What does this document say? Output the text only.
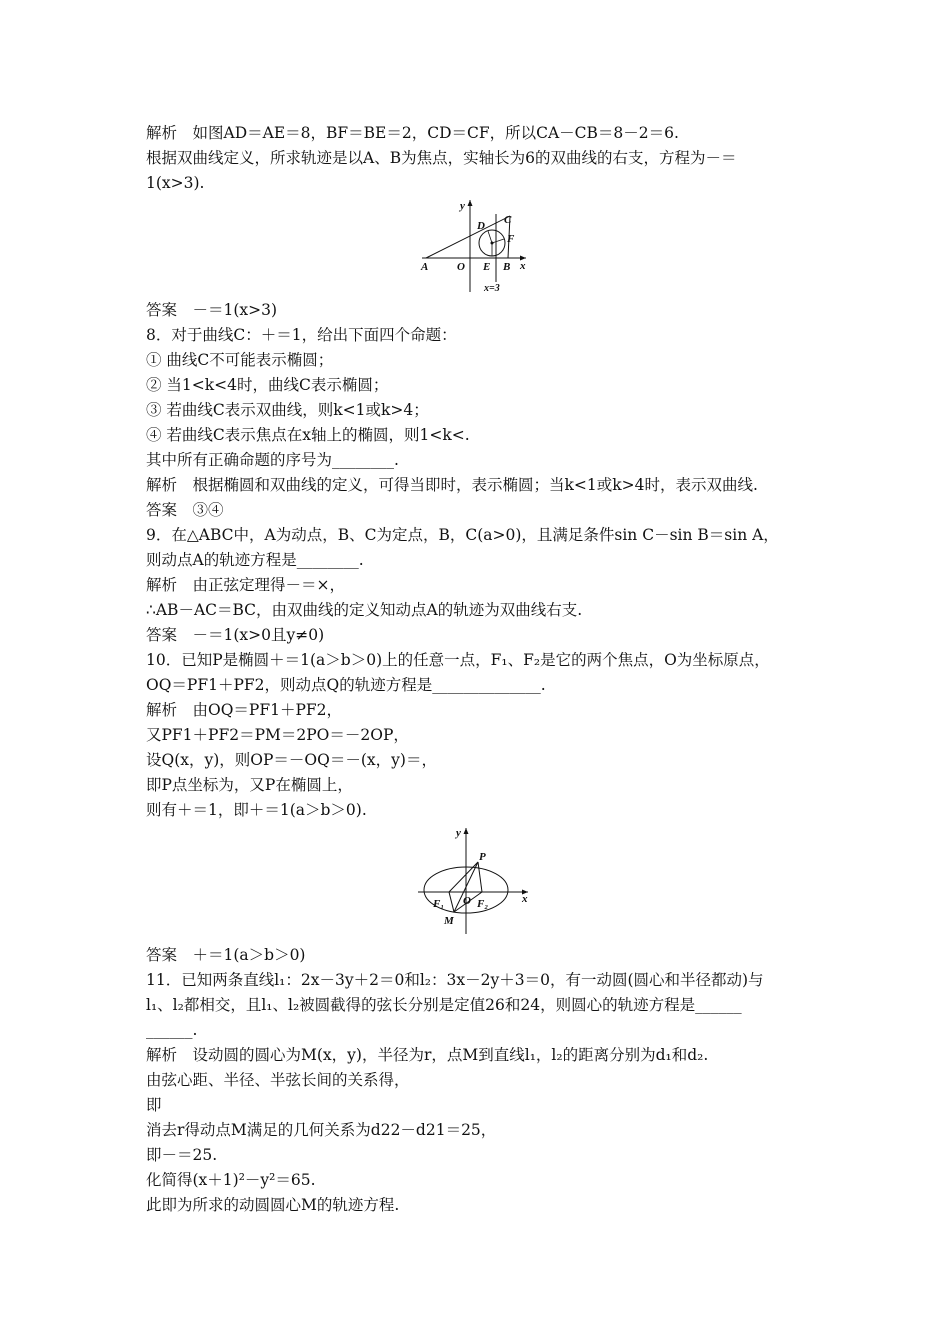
解析　如图AD＝AE＝8，BF＝BE＝2，CD＝CF，所以CA－CB＝8－2＝6.
根据双曲线定义，所求轨迹是以A、B为焦点，实轴长为6的双曲线的右支，方程为－＝
1(x>3).
y
x
A	O E B
D C
F
x=3
答案　－＝1(x>3)
8．对于曲线C：＋＝1，给出下面四个命题：
① 曲线C不可能表示椭圆；
② 当1<k<4时，曲线C表示椭圆；
③ 若曲线C表示双曲线，则k<1或k>4；
④ 若曲线C表示焦点在x轴上的椭圆，则1<k<.
其中所有正确命题的序号为________.
解析　根据椭圆和双曲线的定义，可得当即时，表示椭圆；当k<1或k>4时，表示双曲线.
答案　③④
9．在△ABC中，A为动点，B、C为定点，B，C(a>0)，且满足条件sin C－sin B＝sin A，
则动点A的轨迹方程是________.
解析　由正弦定理得－＝×，
∴AB－AC＝BC，由双曲线的定义知动点A的轨迹为双曲线右支.
答案　－＝1(x>0且y≠0)
10．已知P是椭圆＋＝1(a＞b＞0)上的任意一点，F₁、F₂是它的两个焦点，O为坐标原点，
OQ＝PF1＋PF2，则动点Q的轨迹方程是______________.
解析　由OQ＝PF1＋PF2，
又PF1＋PF2＝PM＝2PO＝－2OP，
设Q(x，y)，则OP＝－OQ＝－(x，y)＝，
即P点坐标为，又P在椭圆上，
则有＋＝1，即＋＝1(a＞b＞0).
y
x
P
O
F₁	F₂
M
答案　＋＝1(a＞b＞0)
11．已知两条直线l₁：2x－3y＋2＝0和l₂：3x－2y＋3＝0，有一动圆(圆心和半径都动)与
l₁、l₂都相交，且l₁、l₂被圆截得的弦长分别是定值26和24，则圆心的轨迹方程是______
______.
解析　设动圆的圆心为M(x，y)，半径为r，点M到直线l₁，l₂的距离分别为d₁和d₂.
由弦心距、半径、半弦长间的关系得，
即
消去r得动点M满足的几何关系为d22－d21＝25，
即－＝25.
化简得(x＋1)²－y²＝65.
此即为所求的动圆圆心M的轨迹方程.
